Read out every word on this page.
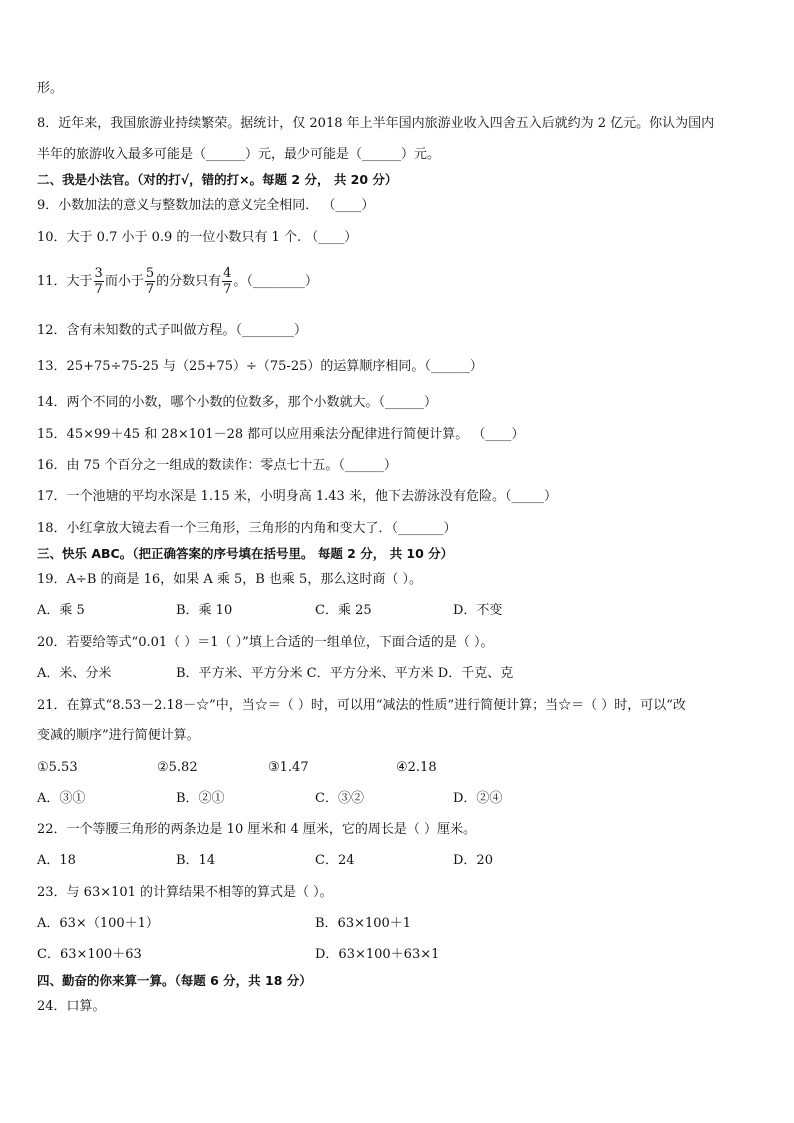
形。
8．近年来，我国旅游业持续繁荣。据统计，仅 2018 年上半年国内旅游业收入四舍五入后就约为 2 亿元。你认为国内
半年的旅游收入最多可能是（______）元，最少可能是（______）元。
二、我是小法官。（对的打√，错的打×。每题 2 分， 共 20 分）
9．小数加法的意义与整数加法的意义完全相同． （____）
10．大于 0.7 小于 0.9 的一位小数只有 1 个. （____）
11．大于 $\frac{3}{7}$ 而小于 $\frac{5}{7}$ 的分数只有 $\frac{4}{7}$ 。（________）
12．含有未知数的式子叫做方程。（________）
13．25+75÷75-25 与（25+75）÷（75-25）的运算顺序相同。（______）
14．两个不同的小数，哪个小数的位数多，那个小数就大。（______）
15．45×99＋45 和 28×101－28 都可以应用乘法分配律进行简便计算。 （____）
16．由 75 个百分之一组成的数读作：零点七十五。（______）
17．一个池塘的平均水深是 1.15 米，小明身高 1.43 米，他下去游泳没有危险。（_____）
18．小红拿放大镜去看一个三角形，三角形的内角和变大了．（_______）
三、快乐 ABC。（把正确答案的序号填在括号里。 每题 2 分， 共 10 分）
19．A÷B 的商是 16，如果 A 乘 5，B 也乘 5，那么这时商（ ）。
A．乘 5	B．乘 10	C．乘 25	D．不变
20．若要给等式“0.01（ ）＝1（ ）”填上合适的一组单位，下面合适的是（ ）。
A．米、分米	B．平方米、平方分米 C．平方分米、平方米 D．千克、克
21．在算式“8.53－2.18－☆”中，当☆＝（ ）时，可以用“减法的性质”进行简便计算；当☆＝（ ）时，可以“改
变减的顺序”进行简便计算。
①5.53	②5.82	③1.47	④2.18
A．③①	B．②①	C．③②	D．②④
22．一个等腰三角形的两条边是 10 厘米和 4 厘米，它的周长是（ ）厘米。
A．18	B．14	C．24	D．20
23．与 63×101 的计算结果不相等的算式是（ ）。
A．63×（100＋1）	B．63×100＋1
C．63×100＋63	D．63×100＋63×1
四、勤奋的你来算一算。（每题 6 分，共 18 分）
24．口算。
